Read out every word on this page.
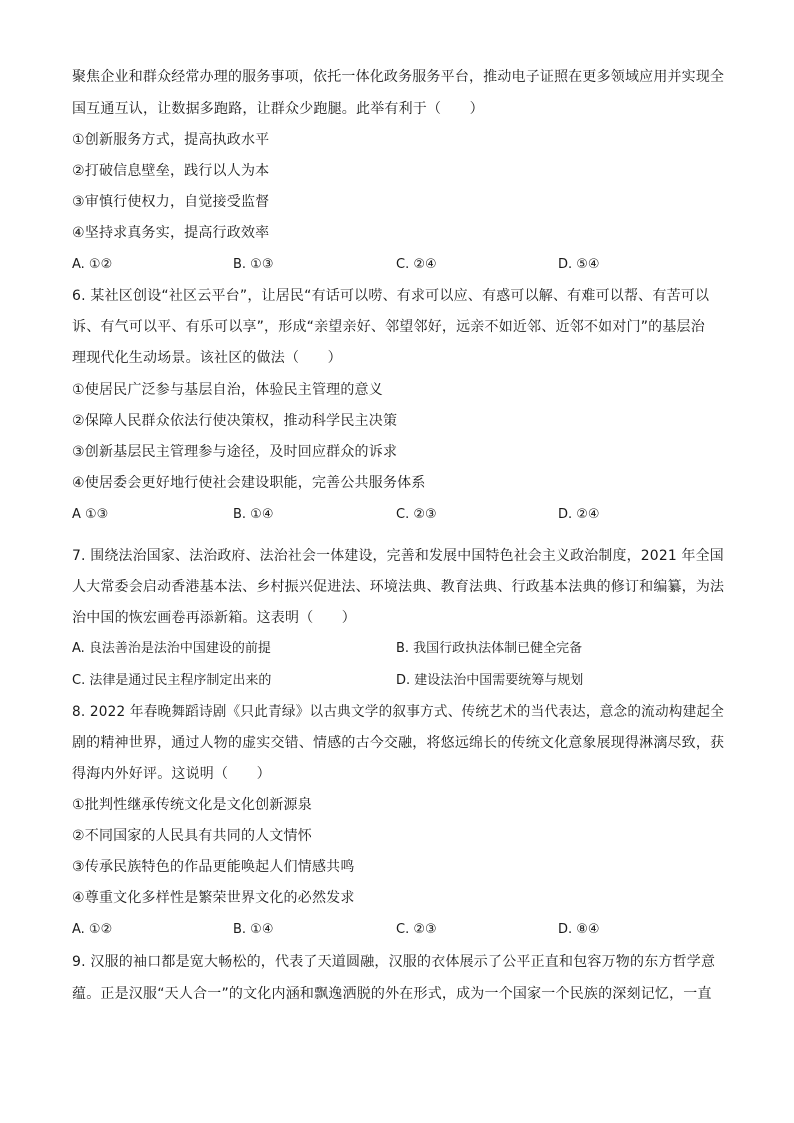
聚焦企业和群众经常办理的服务事项，依托一体化政务服务平台，推动电子证照在更多领域应用并实现全
国互通互认，让数据多跑路，让群众少跑腿。此举有利于（　　）
①创新服务方式，提高执政水平
②打破信息壁垒，践行以人为本
③审慎行使权力，自觉接受监督
④坚持求真务实，提高行政效率
A. ①②	B. ①③	C. ②④	D. ⑤④
6. 某社区创设“社区云平台”，让居民“有话可以唠、有求可以应、有惑可以解、有难可以帮、有苦可以
诉、有气可以平、有乐可以享”，形成“亲望亲好、邻望邻好，远亲不如近邻、近邻不如对门”的基层治
理现代化生动场景。该社区的做法（　　）
①使居民广泛参与基层自治，体验民主管理的意义
②保障人民群众依法行使决策权，推动科学民主决策
③创新基层民主管理参与途径，及时回应群众的诉求
④使居委会更好地行使社会建设职能，完善公共服务体系
A ①③	B. ①④	C. ②③	D. ②④
7. 围绕法治国家、法治政府、法治社会一体建设，完善和发展中国特色社会主义政治制度，2021 年全国
人大常委会启动香港基本法、乡村振兴促进法、环境法典、教育法典、行政基本法典的修订和编纂，为法
治中国的恢宏画卷再添新箱。这表明（　　）
A. 良法善治是法治中国建设的前提	B. 我国行政执法体制已健全完备
C. 法律是通过民主程序制定出来的	D. 建设法治中国需要统筹与规划
8. 2022 年春晚舞蹈诗剧《只此青绿》以古典文学的叙事方式、传统艺术的当代表达，意念的流动构建起全
剧的精神世界，通过人物的虚实交错、情感的古今交融，将悠远绵长的传统文化意象展现得淋漓尽致，获
得海内外好评。这说明（　　）
①批判性继承传统文化是文化创新源泉
②不同国家的人民具有共同的人文情怀
③传承民族特色的作品更能唤起人们情感共鸣
④尊重文化多样性是繁荣世界文化的必然发求
A. ①②	B. ①④	C. ②③	D. ⑧④
9. 汉服的袖口都是宽大畅松的，代表了天道圆融，汉服的衣体展示了公平正直和包容万物的东方哲学意
蕴。正是汉服“天人合一”的文化内涵和飘逸洒脱的外在形式，成为一个国家一个民族的深刻记忆，一直
